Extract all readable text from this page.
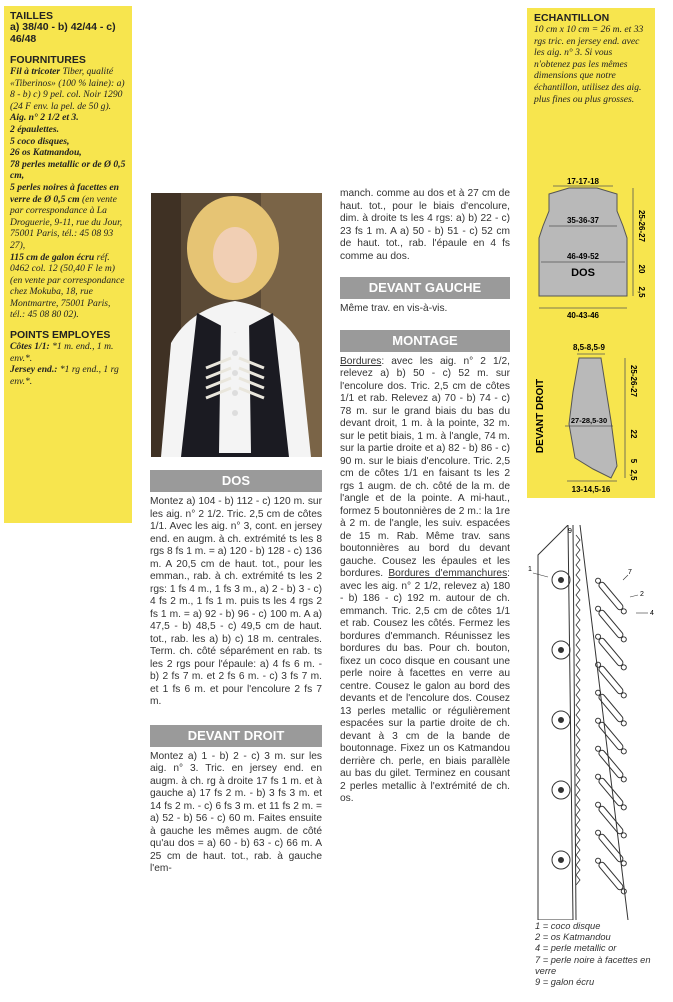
TAILLES

a) 38/40 - b) 42/44 - c) 46/48

FOURNITURES

Fil à tricoter Tiber, qualité «Tiberinos» (100 % laine): a) 8 - b) c) 9 pel. col. Noir 1290 (24 F env. la pel. de 50 g).

Aig. n° 2 1/2 et 3.

2 épaulettes.

5 coco disques,

26 os Katmandou,

78 perles metallic or de Ø 0,5 cm,

5 perles noires à facettes en verre de Ø 0,5 cm (en vente par correspondance à La Droguerie, 9-11, rue du Jour, 75001 Paris, tél.: 45 08 93 27),

115 cm de galon écru réf. 0462 col. 12 (50,40 F le m) (en vente par correspondance chez Mokuba, 18, rue Montmartre, 75001 Paris, tél.: 45 08 80 02).

POINTS EMPLOYES

Côtes 1/1: *1 m. end., 1 m. env.*.

Jersey end.: *1 rg end., 1 rg env.*.

ECHANTILLON

10 cm x 10 cm = 26 m. et 33 rgs tric. en jersey end. avec les aig. n° 3. Si vous n'obtenez pas les mêmes dimensions que notre échantillon, utilisez des aig. plus fines ou plus grosses.

17-17-18
35-36-37
46-49-52
DOS
40-43-46
25-26-27
20
2,5
8,5-8,5-9
27-28,5-30
13-14,5-16
DEVANT DROIT	25-26-27
22
5
2,5
DOS

Montez a) 104 - b) 112 - c) 120 m. sur les aig. n° 2 1/2. Tric. 2,5 cm de côtes 1/1. Avec les aig. n° 3, cont. en jersey end. en augm. à ch. extrémité ts les 8 rgs 8 fs 1 m. = a) 120 - b) 128 - c) 136 m. A 20,5 cm de haut. tot., pour les emman., rab. à ch. extrémité ts les 2 rgs: 1 fs 4 m., 1 fs 3 m., a) 2 - b) 3 - c) 4 fs 2 m., 1 fs 1 m. puis ts les 4 rgs 2 fs 1 m. = a) 92 - b) 96 - c) 100 m. A a) 47,5 - b) 48,5 - c) 49,5 cm de haut. tot., rab. les a) b) c) 18 m. centrales. Term. ch. côté séparément en rab. ts les 2 rgs pour l'épaule: a) 4 fs 6 m. - b) 2 fs 7 m. et 2 fs 6 m. - c) 3 fs 7 m. et 1 fs 6 m. et pour l'encolure 2 fs 7 m.

DEVANT DROIT

Montez a) 1 - b) 2 - c) 3 m. sur les aig. n° 3. Tric. en jersey end. en augm. à ch. rg à droite 17 fs 1 m. et à gauche a) 17 fs 2 m. - b) 3 fs 3 m. et 14 fs 2 m. - c) 6 fs 3 m. et 11 fs 2 m. = a) 52 - b) 56 - c) 60 m. Faites ensuite à gauche les mêmes augm. de côté qu'au dos = a) 60 - b) 63 - c) 66 m. A 25 cm de haut. tot., rab. à gauche l'em-

manch. comme au dos et à 27 cm de haut. tot., pour le biais d'encolure, dim. à droite ts les 4 rgs: a) b) 22 - c) 23 fs 1 m. A a) 50 - b) 51 - c) 52 cm de haut. tot., rab. l'épaule en 4 fs comme au dos.

DEVANT GAUCHE

Même trav. en vis-à-vis.

MONTAGE

Bordures: avec les aig. n° 2 1/2, relevez a) b) 50 - c) 52 m. sur l'encolure dos. Tric. 2,5 cm de côtes 1/1 et rab. Relevez a) 70 - b) 74 - c) 78 m. sur le grand biais du bas du devant droit, 1 m. à la pointe, 32 m. sur le petit biais, 1 m. à l'angle, 74 m. sur la partie droite et a) 82 - b) 86 - c) 90 m. sur le biais d'encolure. Tric. 2,5 cm de côtes 1/1 en faisant ts les 2 rgs 1 augm. de ch. côté de la m. de l'angle et de la pointe. A mi-haut., formez 5 boutonnières de 2 m.: la 1re à 2 m. de l'angle, les suiv. espacées de 15 m. Rab. Même trav. sans boutonnières au bord du devant gauche. Cousez les épaules et les bordures. Bordures d'emmanchures: avec les aig. n° 2 1/2, relevez a) 180 - b) 186 - c) 192 m. autour de ch. emmanch. Tric. 2,5 cm de côtes 1/1 et rab. Cousez les côtés. Fermez les bordures d'emmanch. Réunissez les bordures du bas. Pour ch. bouton, fixez un coco disque en cousant une perle noire à facettes en verre au centre. Cousez le galon au bord des devants et de l'encolure dos. Cousez 13 perles metallic or régulièrement espacées sur la partie droite de ch. devant à 3 cm de la bande de boutonnage. Fixez un os Katmandou derrière ch. perle, en biais parallèle au bas du gilet. Terminez en cousant 2 perles metallic à l'extrémité de ch. os.

1
2
4
7
9

1 = coco disque

2 = os Katmandou

4 = perle metallic or

7 = perle noire à facettes en verre

9 = galon écru
